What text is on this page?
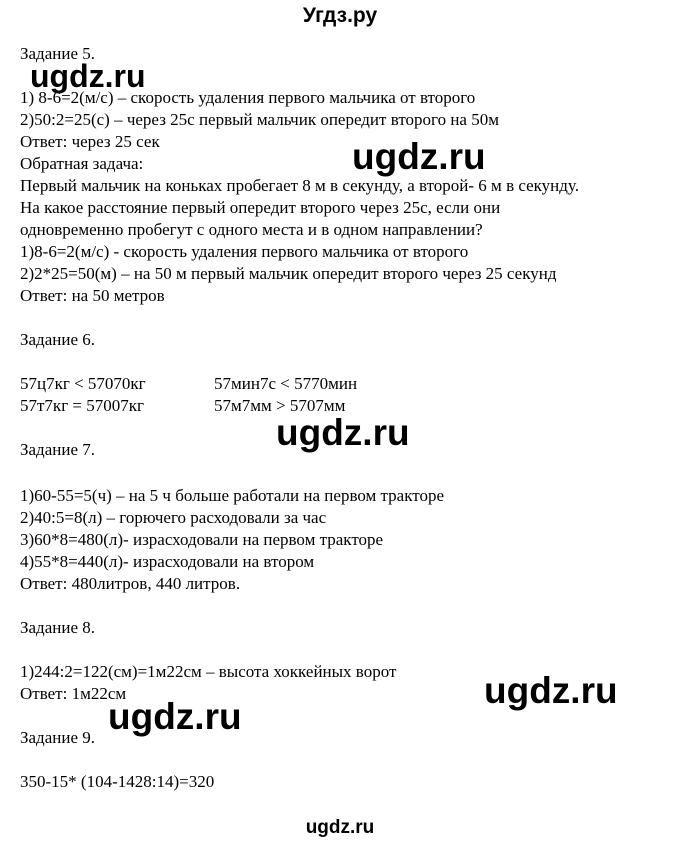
Угдз.ру
Задание 5.
1) 8-6=2(м/с) – скорость удаления первого мальчика от второго
2)50:2=25(с) – через 25с первый мальчик опередит второго на 50м
Ответ: через 25 сек
Обратная задача:
Первый мальчик на коньках пробегает 8 м в секунду, а второй- 6 м в секунду.
На какое расстояние первый опередит второго через 25с, если они
одновременно пробегут с одного места и в одном направлении?
1)8-6=2(м/с) - скорость удаления первого мальчика от второго
2)2*25=50(м) – на 50 м первый мальчик опередит второго через 25 секунд
Ответ: на 50 метров
Задание 6.
57ц7кг < 57070кг	57мин7с < 5770мин
57т7кг = 57007кг	57м7мм > 5707мм
Задание 7.
1)60-55=5(ч) – на 5 ч больше работали на первом тракторе
2)40:5=8(л) – горючего расходовали за час
3)60*8=480(л)- израсходовали на первом тракторе
4)55*8=440(л)- израсходовали на втором
Ответ: 480литров, 440 литров.
Задание 8.
1)244:2=122(см)=1м22см – высота хоккейных ворот
Ответ: 1м22см
Задание 9.
350-15* (104-1428:14)=320
ugdz.ru
ugdz.ru
ugdz.ru
ugdz.ru
ugdz.ru
ugdz.ru
